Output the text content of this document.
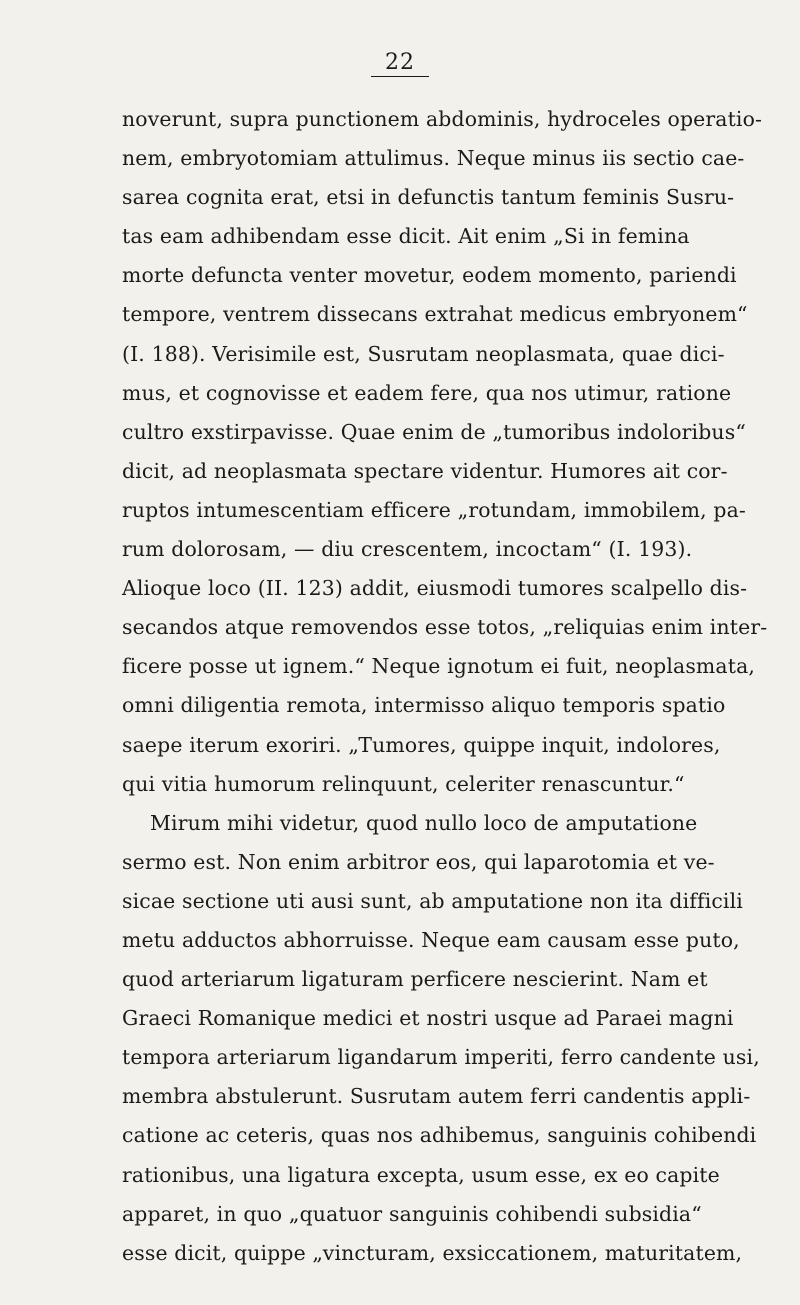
22
noverunt, supra punctionem abdominis, hydroceles operatio-
nem, embryotomiam attulimus. Neque minus iis sectio cae-
sarea cognita erat, etsi in defunctis tantum feminis Susru-
tas eam adhibendam esse dicit. Ait enim „Si in femina
morte defuncta venter movetur, eodem momento, pariendi
tempore, ventrem dissecans extrahat medicus embryonem“
(I. 188). Verisimile est, Susrutam neoplasmata, quae dici-
mus, et cognovisse et eadem fere, qua nos utimur, ratione
cultro exstirpavisse. Quae enim de „tumoribus indoloribus“
dicit, ad neoplasmata spectare videntur. Humores ait cor-
ruptos intumescentiam efficere „rotundam, immobilem, pa-
rum dolorosam, — diu crescentem, incoctam“ (I. 193).
Alioque loco (II. 123) addit, eiusmodi tumores scalpello dis-
secandos atque removendos esse totos, „reliquias enim inter-
ficere posse ut ignem.“ Neque ignotum ei fuit, neoplasmata,
omni diligentia remota, intermisso aliquo temporis spatio
saepe iterum exoriri. „Tumores, quippe inquit, indolores,
qui vitia humorum relinquunt, celeriter renascuntur.“
Mirum mihi videtur, quod nullo loco de amputatione
sermo est. Non enim arbitror eos, qui laparotomia et ve-
sicae sectione uti ausi sunt, ab amputatione non ita difficili
metu adductos abhorruisse. Neque eam causam esse puto,
quod arteriarum ligaturam perficere nescierint. Nam et
Graeci Romanique medici et nostri usque ad Paraei magni
tempora arteriarum ligandarum imperiti, ferro candente usi,
membra abstulerunt. Susrutam autem ferri candentis appli-
catione ac ceteris, quas nos adhibemus, sanguinis cohibendi
rationibus, una ligatura excepta, usum esse, ex eo capite
apparet, in quo „quatuor sanguinis cohibendi subsidia“
esse dicit, quippe „vincturam, exsiccationem, maturitatem,
